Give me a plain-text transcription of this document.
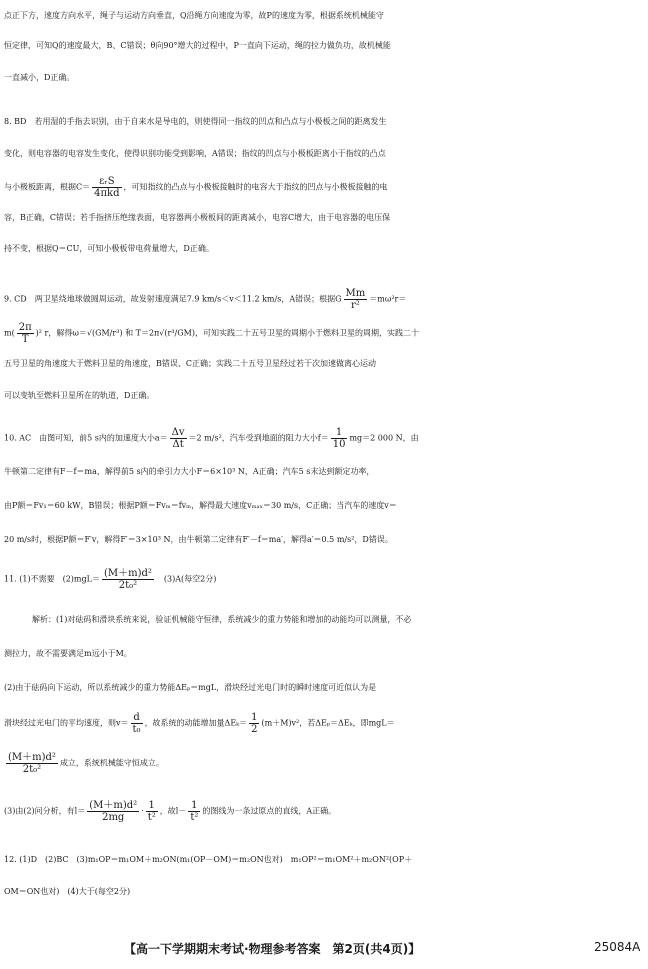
点正下方，速度方向水平，绳子与运动方向垂直，Q沿绳方向速度为零，故P的速度为零，根据系统机械能守
恒定律，可知Q的速度最大，B、C错误；θ向90°增大的过程中，P一直向下运动，绳的拉力做负功，故机械能
一直减小，D正确。
8. BD　若用湿的手指去识别，由于自来水是导电的，则使得同一指纹的凹点和凸点与小极板之间的距离发生
变化，则电容器的电容发生变化，使得识别功能受到影响，A错误；指纹的凹点与小极板距离小于指纹的凸点
与小极板距离，根据$C= \frac{\text{εᵣS}}{\text{4πkd}}$ ，可知指纹的凸点与小极板接触时的电容大于指纹的凹点与小极板接触的电
容，B正确，C错误；若手指挤压绝缘表面，电容器两小极板间的距离减小，电容C增大，由于电容器的电压保
持不变，根据Q＝CU，可知小极板带电荷量增大，D正确。
9. CD　两卫星绕地球做圆周运动，故发射速度满足7.9 km/s＜v＜11.2 km/s，A错误；根据G $\frac{Mm}{\text{r²}} =m\omega^2r=$
$m( \frac{2\pi}{T} )^2$ r，解得ω＝√(GM/r³) 和 T＝2π√(r³/GM)，可知实践二十五号卫星的周期小于燃料卫星的周期，实践二十
五号卫星的角速度大于燃料卫星的角速度，B错误、C正确；实践二十五号卫星经过若干次加速做离心运动
可以变轨至燃料卫星所在的轨道，D正确。
10. AC　由图可知，前5 s内的加速度大小$a= \frac{\Delta v}{\Delta t} =2$ m/s²，汽车受到地面的阻力大小$f= \frac{1}{10} mg=2$ 000 N，由
牛顿第二定律有F－f＝ma，解得前5 s内的牵引力大小F＝6×10³ N，A正确；汽车5 s末达到额定功率，
由P额＝Fv₁＝60 kW，B错误；根据P额＝Fvₘ＝fvₘ，解得最大速度vₘₐₓ＝30 m/s，C正确；当汽车的速度v＝
20 m/s时，根据P额＝F′v，解得F′＝3×10³ N，由牛顿第二定律有F′－f＝ma′，解得a′＝0.5 m/s²，D错误。
11. (1)不需要　$(2)mgL= \frac{\text{(M＋m)d²}}{\text{2t₀²}}$ 　(3)A(每空2分)
解析：(1)对砝码和滑块系统来说，验证机械能守恒律，系统减少的重力势能和增加的动能均可以测量，不必
测拉力，故不需要满足m远小于M。
(2)由于砝码向下运动，所以系统减少的重力势能ΔEₚ＝mgL，滑块经过光电门时的瞬时速度可近似认为是
滑块经过光电门的平均速度，则$v= \frac{d}{\text{t₀}}$ ，故系统的动能增加量$\Delta E_k= \frac{1}{2} (m+M)v^2$，若ΔEₚ＝ΔEₖ，即mgL＝
$\frac{\text{(M＋m)d²}}{\text{2t₀²}}$ 成立，系统机械能守恒成立。
(3)由(2)问分析，有$l= \frac{\text{(M＋m)d²}}{2mg} \cdot \frac{1}{\text{t²}}$ ，故$l- \frac{1}{\text{t²}}$ 的图线为一条过原点的直线，A正确。
12. (1)D　(2)BC　(3)m₁OP＝m₁OM＋m₂ON(m₁(OP－OM)＝m₂ON也对)　m₁OP²＝m₁OM²＋m₂ON²(OP＋
OM＝ON也对)　(4)大于(每空2分)
【高一下学期期末考试·物理参考答案　第2页(共4页)】	25084A
